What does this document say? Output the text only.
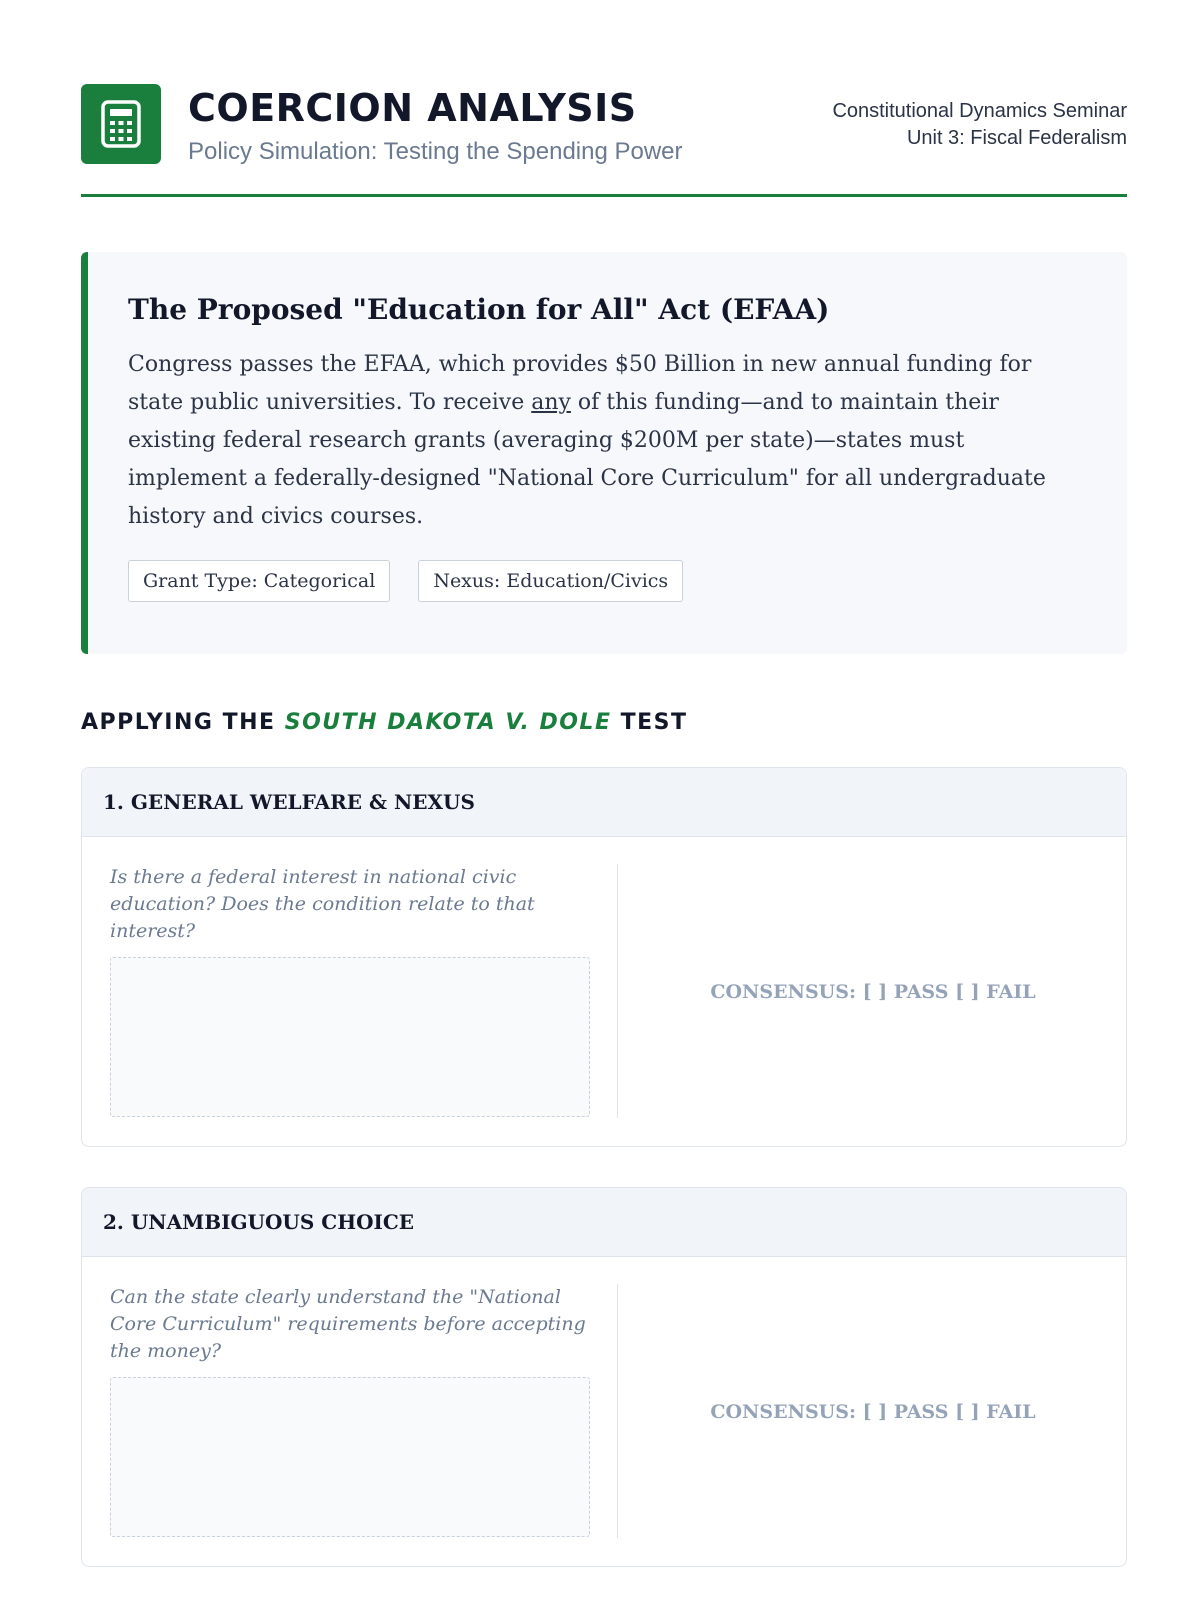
COERCION ANALYSIS
Policy Simulation: Testing the Spending Power
Constitutional Dynamics Seminar
Unit 3: Fiscal Federalism
The Proposed "Education for All" Act (EFAA)

Congress passes the EFAA, which provides $50 Billion in new annual funding for state public universities. To receive any of this funding—and to maintain their existing federal research grants (averaging $200M per state)—states must implement a federally-designed "National Core Curriculum" for all undergraduate history and civics courses.

Grant Type: Categorical	Nexus: Education/Civics
APPLYING THE SOUTH DAKOTA V. DOLE TEST
1. GENERAL WELFARE & NEXUS
Is there a federal interest in national civic education? Does the condition relate to that interest?
CONSENSUS: [ ] PASS [ ] FAIL
2. UNAMBIGUOUS CHOICE
Can the state clearly understand the "National Core Curriculum" requirements before accepting the money?
CONSENSUS: [ ] PASS [ ] FAIL
